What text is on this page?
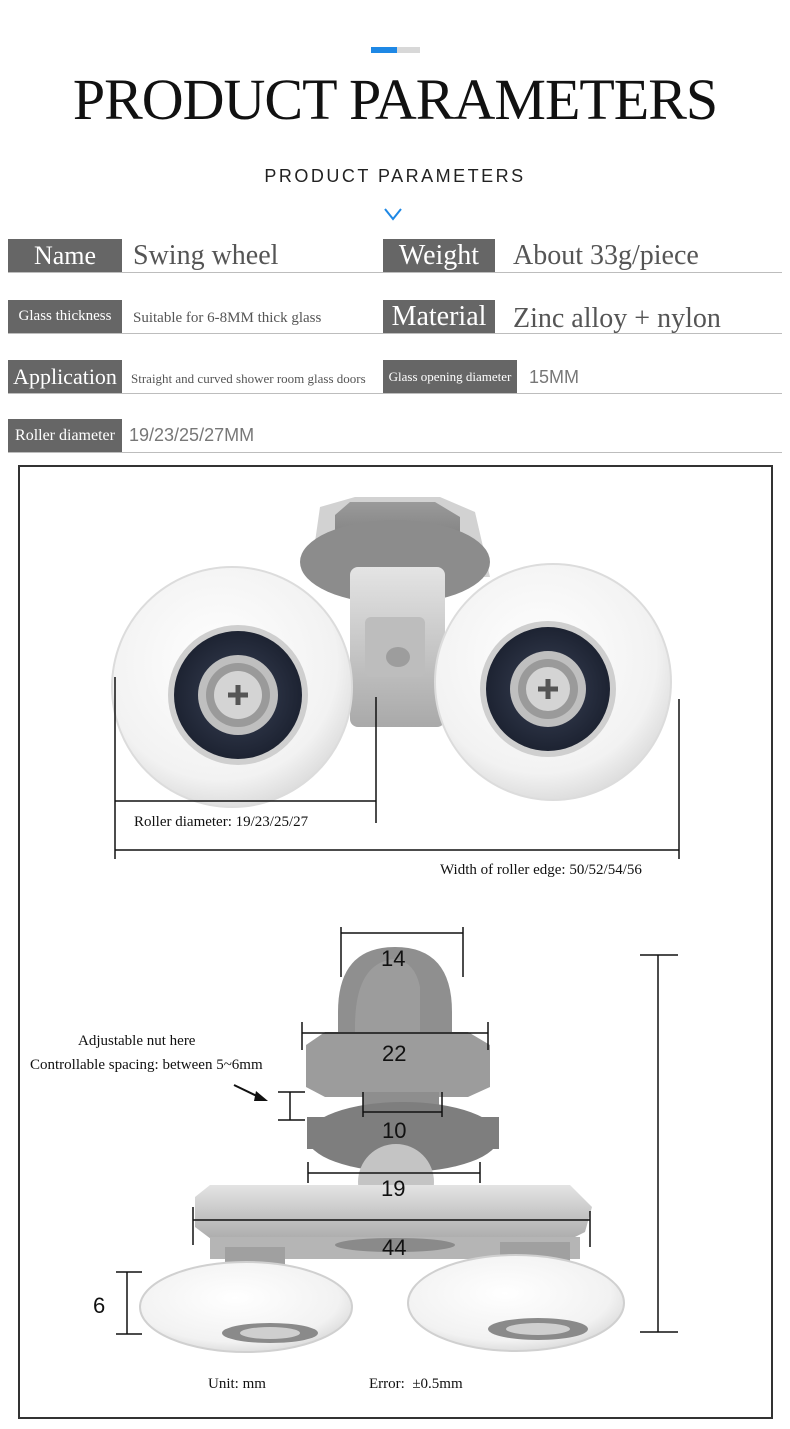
PRODUCT PARAMETERS
PRODUCT PARAMETERS
Name	Swing wheel	Weight	About 33g/piece
Glass thickness	Suitable for 6-8MM thick glass	Material Zinc alloy + nylon
Application	Straight and curved shower room glass doors	Glass opening diameter 15MM
Roller diameter 19/23/25/27MM
Roller diameter: 19/23/25/27
Width of roller edge: 50/52/54/56
14
22
10
19
44
6
Adjustable nut here
Controllable spacing: between 5~6mm
Unit: mm	Error:  ±0.5mm
